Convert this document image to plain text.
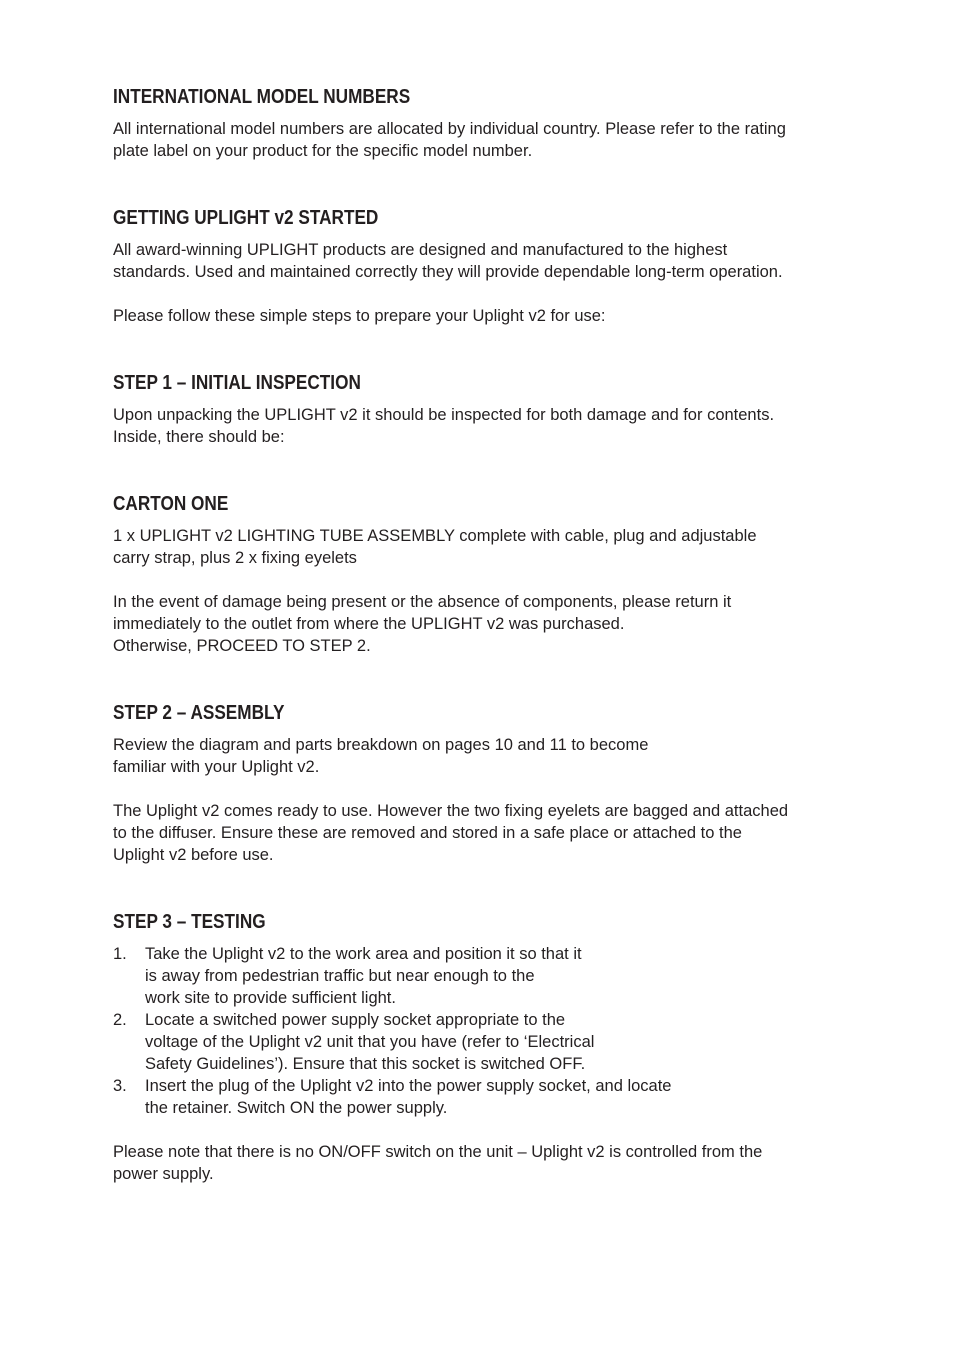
INTERNATIONAL MODEL NUMBERS

All international model numbers are allocated by individual country. Please refer to the rating
plate label on your product for the specific model number.

GETTING UPLIGHT v2 STARTED

All award-winning UPLIGHT products are designed and manufactured to the highest
standards. Used and maintained correctly they will provide dependable long-term operation.

Please follow these simple steps to prepare your Uplight v2 for use:

STEP 1 – INITIAL INSPECTION

Upon unpacking the UPLIGHT v2 it should be inspected for both damage and for contents.
Inside, there should be:

CARTON ONE

1 x UPLIGHT v2 LIGHTING TUBE ASSEMBLY complete with cable, plug and adjustable
carry strap, plus 2 x fixing eyelets

In the event of damage being present or the absence of components, please return it
immediately to the outlet from where the UPLIGHT v2 was purchased.
Otherwise, PROCEED TO STEP 2.

STEP 2 – ASSEMBLY

Review the diagram and parts breakdown on pages 10 and 11 to become
familiar with your Uplight v2.

The Uplight v2 comes ready to use. However the two fixing eyelets are bagged and attached
to the diffuser. Ensure these are removed and stored in a safe place or attached to the
Uplight v2 before use.

STEP 3 – TESTING
1.	Take the Uplight v2 to the work area and position it so that it
is away from pedestrian traffic but near enough to the
work site to provide sufficient light.
2.	Locate a switched power supply socket appropriate to the
voltage of the Uplight v2 unit that you have (refer to ‘Electrical
Safety Guidelines’). Ensure that this socket is switched OFF.
3.	Insert the plug of the Uplight v2 into the power supply socket, and locate
the retainer. Switch ON the power supply.

Please note that there is no ON/OFF switch on the unit – Uplight v2 is controlled from the
power supply.
